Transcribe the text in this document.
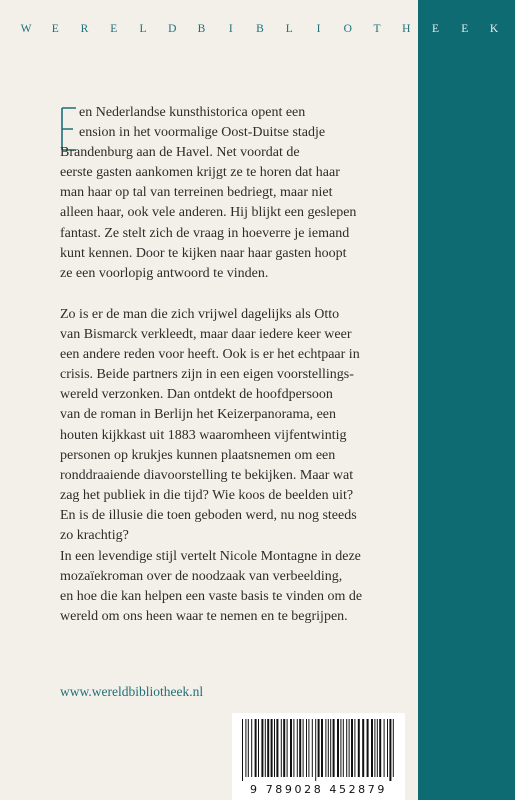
W E R E L D B	I	B L	I	O T H E E K
en Nederlandse kunsthistorica opent een
ension in het voormalige Oost-Duitse stadje
Brandenburg aan de Havel. Net voordat de
eerste gasten aankomen krijgt ze te horen dat haar
man haar op tal van terreinen bedriegt, maar niet
alleen haar, ook vele anderen. Hij blijkt een geslepen
fantast. Ze stelt zich de vraag in hoeverre je iemand
kunt kennen. Door te kijken naar haar gasten hoopt
ze een voorlopig antwoord te vinden.
Zo is er de man die zich vrijwel dagelijks als Otto
van Bismarck verkleedt, maar daar iedere keer weer
een andere reden voor heeft. Ook is er het echtpaar in
crisis. Beide partners zijn in een eigen voorstellings-
wereld verzonken. Dan ontdekt de hoofdpersoon
van de roman in Berlijn het Keizerpanorama, een
houten kijkkast uit 1883 waaromheen vijfentwintig
personen op krukjes kunnen plaatsnemen om een
ronddraaiende diavoorstelling te bekijken. Maar wat
zag het publiek in die tijd? Wie koos de beelden uit?
En is de illusie die toen geboden werd, nu nog steeds
zo krachtig?
In een levendige stijl vertelt Nicole Montagne in deze
mozaïekroman over de noodzaak van verbeelding,
en hoe die kan helpen een vaste basis te vinden om de
wereld om ons heen waar te nemen en te begrijpen.
www.wereldbibliotheek.nl
9 789028 452879
